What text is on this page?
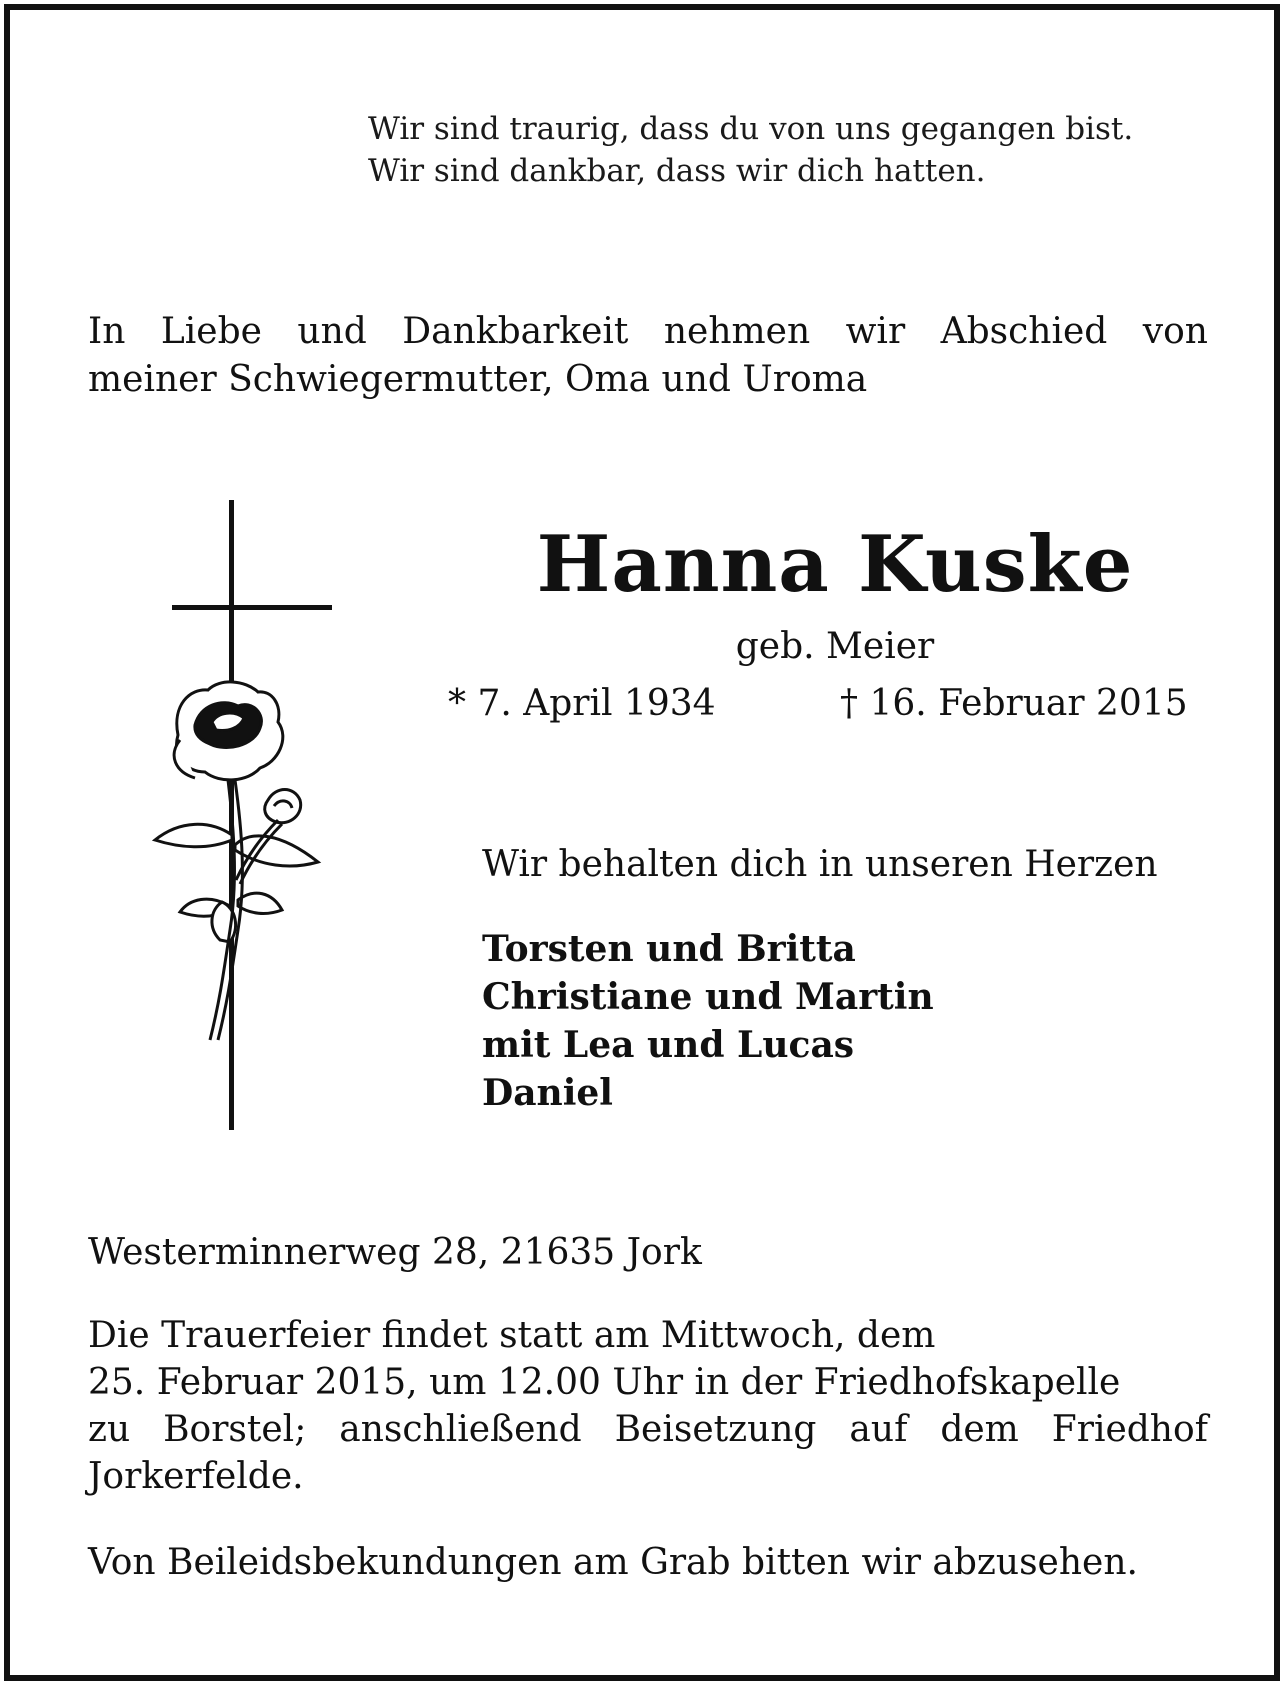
Wir sind traurig, dass du von uns gegangen bist.
Wir sind dankbar, dass wir dich hatten.
In Liebe und Dankbarkeit nehmen wir Abschied von
meiner Schwiegermutter, Oma und Uroma
Hanna Kuske
geb. Meier
* 7. April 1934	† 16. Februar 2015
Wir behalten dich in unseren Herzen
Torsten und Britta
Christiane und Martin
mit Lea und Lucas
Daniel
Westerminnerweg 28, 21635 Jork
Die Trauerfeier findet statt am Mittwoch, dem
25. Februar 2015, um 12.00 Uhr in der Friedhofskapelle
zu Borstel; anschließend Beisetzung auf dem Friedhof
Jorkerfelde.
Von Beileidsbekundungen am Grab bitten wir abzusehen.
